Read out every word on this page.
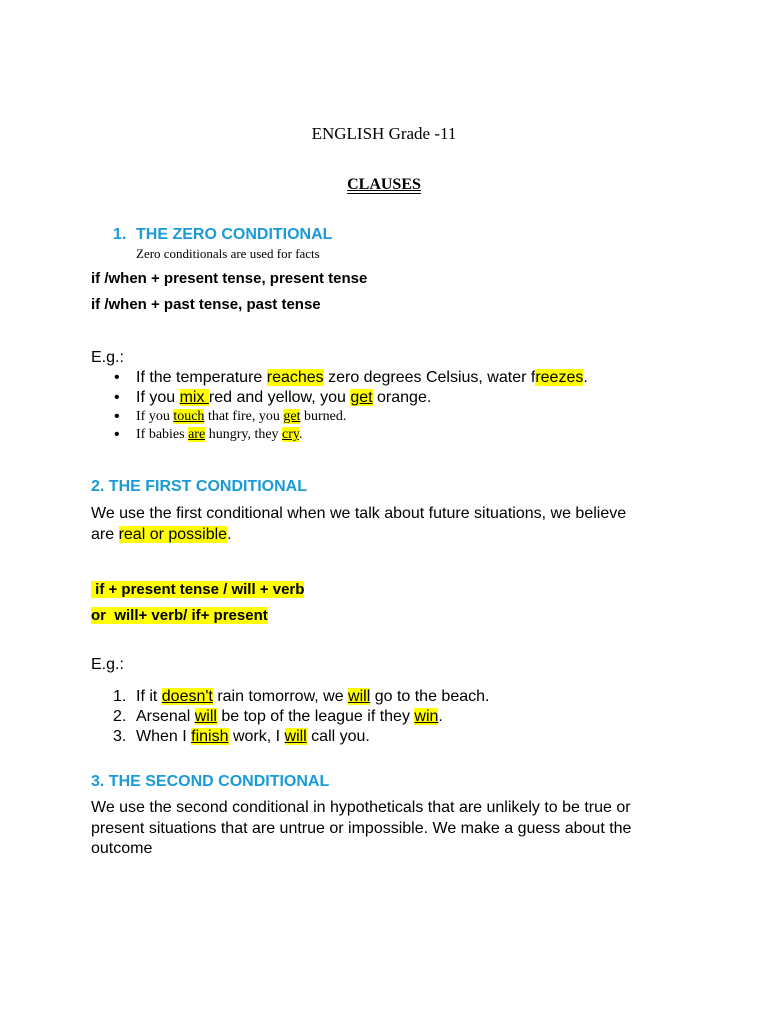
ENGLISH Grade -11
CLAUSES
1. THE ZERO CONDITIONAL
Zero conditionals are used for facts
if /when + present tense, present tense
if /when + past tense, past tense
E.g.:
• If the temperature reaches zero degrees Celsius, water freezes.
• If you mix red and yellow, you get orange.
• If you touch that fire, you get burned.
• If babies are hungry, they cry.
2. THE FIRST CONDITIONAL
We use the first conditional when we talk about future situations, we believe
are real or possible.
if + present tense / will + verb
or  will+ verb/ if+ present
E.g.:
1. If it doesn't rain tomorrow, we will go to the beach.
2. Arsenal will be top of the league if they win.
3. When I finish work, I will call you.
3. THE SECOND CONDITIONAL
We use the second conditional in hypotheticals that are unlikely to be true or
present situations that are untrue or impossible. We make a guess about the
outcome
